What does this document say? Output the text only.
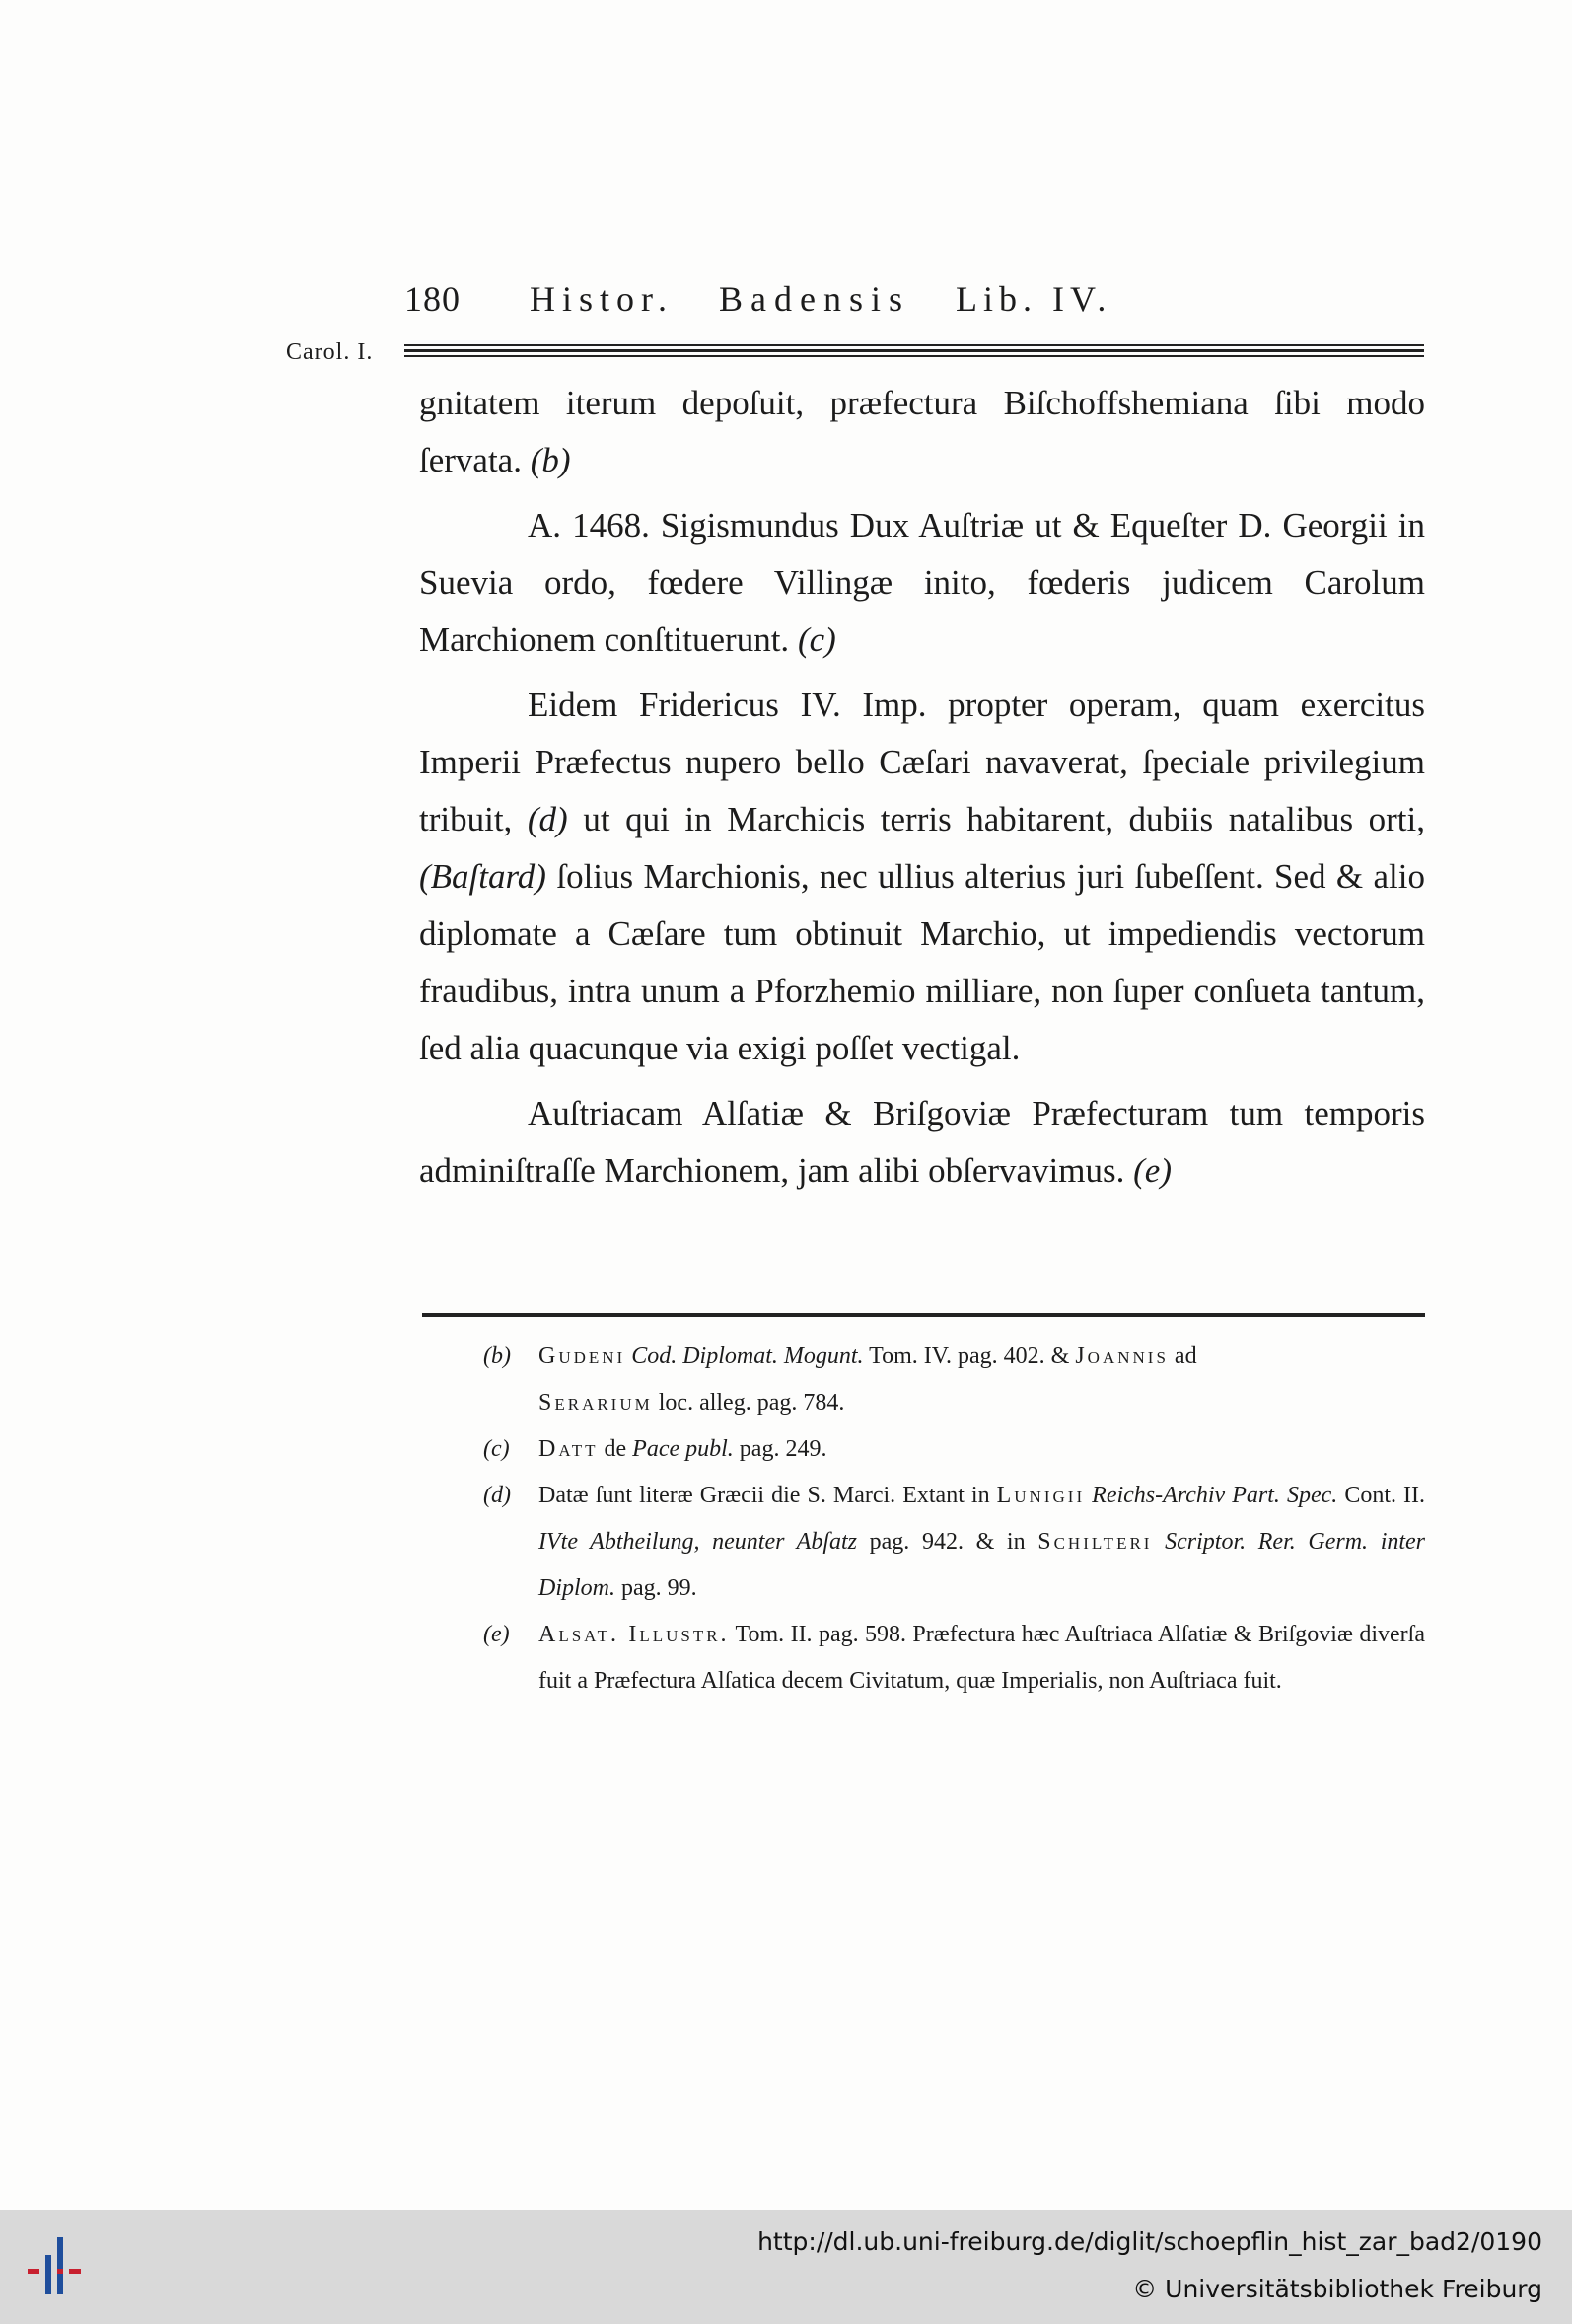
180 Histor. Badensis Lib. IV.
Carol. I.

gnitatem iterum depoſuit, præfectura Biſchoffshemiana ſibi modo ſervata. (b)

A. 1468. Sigismundus Dux Auſtriæ ut & Equeſter D. Georgii in Suevia ordo, fœdere Villingæ inito, fœderis judicem Carolum Marchionem conſtituerunt. (c)

Eidem Fridericus IV. Imp. propter operam, quam exercitus Imperii Præfectus nupero bello Cæſari navaverat, ſpeciale privilegium tribuit, (d) ut qui in Marchicis terris habitarent, dubiis natalibus orti, (Baſtard) ſolius Marchionis, nec ullius alterius juri ſubeſſent. Sed & alio diplomate a Cæſare tum obtinuit Marchio, ut impediendis vectorum fraudibus, intra unum a Pforzhemio milliare, non ſuper conſueta tantum, ſed alia quacunque via exigi poſſet vectigal.

Auſtriacam Alſatiæ & Briſgoviæ Præfecturam tum temporis adminiſtraſſe Marchionem, jam alibi obſervavimus. (e)

(b)	Gudeni Cod. Diplomat. Mogunt. Tom. IV. pag. 402. & Joannis ad
Serarium loc. alleg. pag. 784.
(c)	Datt de Pace publ. pag. 249.
(d)	Datæ ſunt literæ Græcii die S. Marci. Extant in Lunigii Reichs-Archiv Part. Spec. Cont. II. IVte Abtheilung, neunter Abſatz pag. 942. & in Schilteri Scriptor. Rer. Germ. inter Diplom. pag. 99.
(e)	Alsat. Illustr. Tom. II. pag. 598. Præfectura hæc Auſtriaca Alſatiæ & Briſgoviæ diverſa fuit a Præfectura Alſatica decem Civitatum, quæ Imperialis, non Auſtriaca fuit.
http://dl.ub.uni-freiburg.de/diglit/schoepflin_hist_zar_bad2/0190
© Universitätsbibliothek Freiburg
